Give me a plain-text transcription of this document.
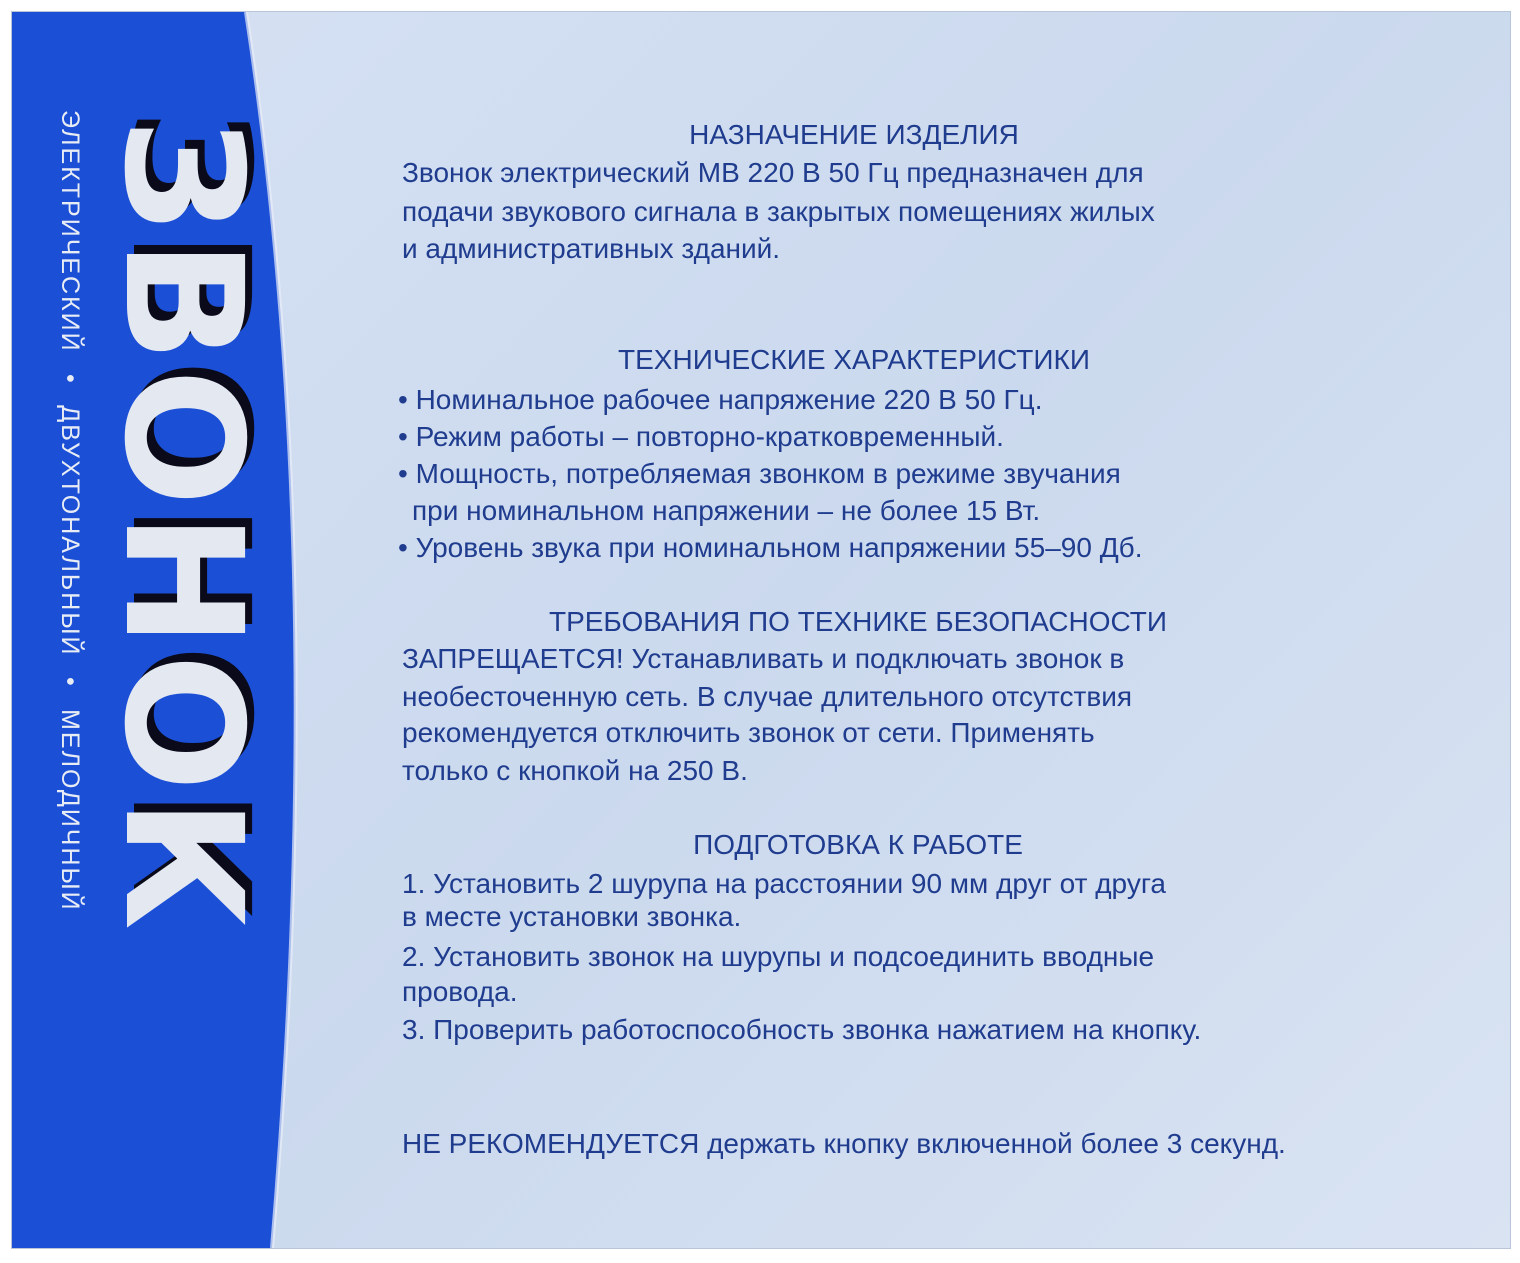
ЭЛЕКТРИЧЕСКИЙ • ДВУХТОНАЛЬНЫЙ • МЕЛОДИЧНЫЙ ЗВОНОК	НАЗНАЧЕНИЕ ИЗДЕЛИЯ
Звонок электрический МВ 220 В 50 Гц предназначен для
подачи звукового сигнала в закрытых помещениях жилых
и административных зданий.
ТЕХНИЧЕСКИЕ ХАРАКТЕРИСТИКИ
• Номинальное рабочее напряжение 220 В 50 Гц.
• Режим работы – повторно-кратковременный.
• Мощность, потребляемая звонком в режиме звучания
при номинальном напряжении – не более 15 Вт.
• Уровень звука при номинальном напряжении 55–90 Дб.
ТРЕБОВАНИЯ ПО ТЕХНИКЕ БЕЗОПАСНОСТИ
ЗАПРЕЩАЕТСЯ! Устанавливать и подключать звонок в
необесточенную сеть. В случае длительного отсутствия
рекомендуется отключить звонок от сети. Применять
только с кнопкой на 250 В.
ПОДГОТОВКА К РАБОТЕ
1. Установить 2 шурупа на расстоянии 90 мм друг от друга
в месте установки звонка.
2. Установить звонок на шурупы и подсоединить вводные
провода.
3. Проверить работоспособность звонка нажатием на кнопку.
НЕ РЕКОМЕНДУЕТСЯ держать кнопку включенной более 3 секунд.
